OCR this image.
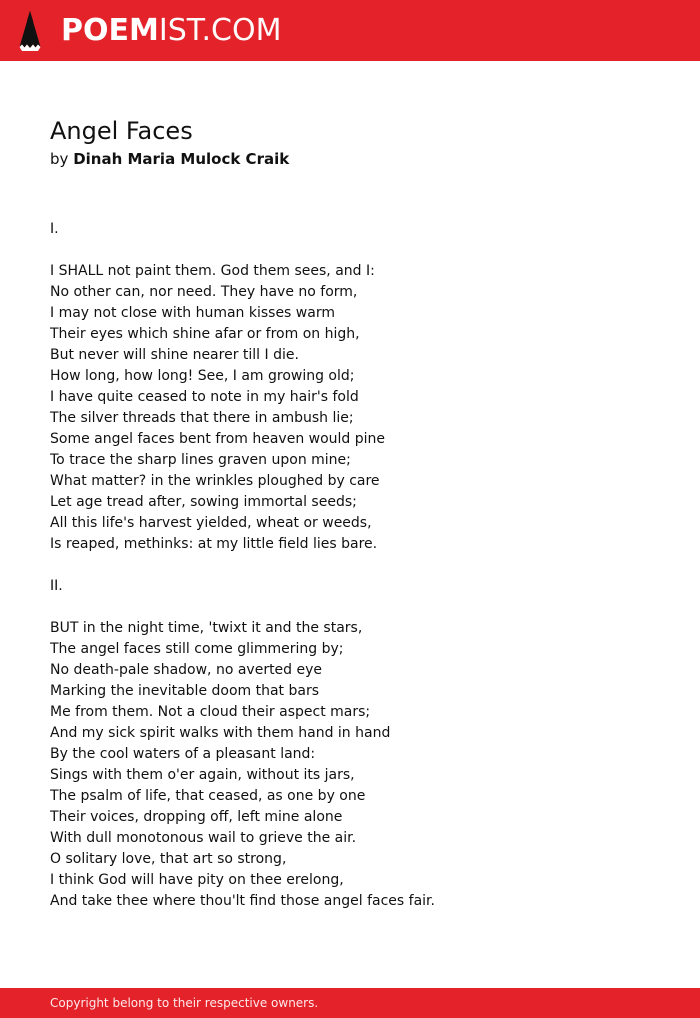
POEMIST.COM
Angel Faces
by Dinah Maria Mulock Craik
I.
I SHALL not paint them. God them sees, and I:
No other can, nor need. They have no form,
I may not close with human kisses warm
Their eyes which shine afar or from on high,
But never will shine nearer till I die.
How long, how long! See, I am growing old;
I have quite ceased to note in my hair's fold
The silver threads that there in ambush lie;
Some angel faces bent from heaven would pine
To trace the sharp lines graven upon mine;
What matter? in the wrinkles ploughed by care
Let age tread after, sowing immortal seeds;
All this life's harvest yielded, wheat or weeds,
Is reaped, methinks: at my little field lies bare.
II.
BUT in the night time, 'twixt it and the stars,
The angel faces still come glimmering by;
No death-pale shadow, no averted eye
Marking the inevitable doom that bars
Me from them. Not a cloud their aspect mars;
And my sick spirit walks with them hand in hand
By the cool waters of a pleasant land:
Sings with them o'er again, without its jars,
The psalm of life, that ceased, as one by one
Their voices, dropping off, left mine alone
With dull monotonous wail to grieve the air.
O solitary love, that art so strong,
I think God will have pity on thee erelong,
And take thee where thou'lt find those angel faces fair.
Copyright belong to their respective owners.
